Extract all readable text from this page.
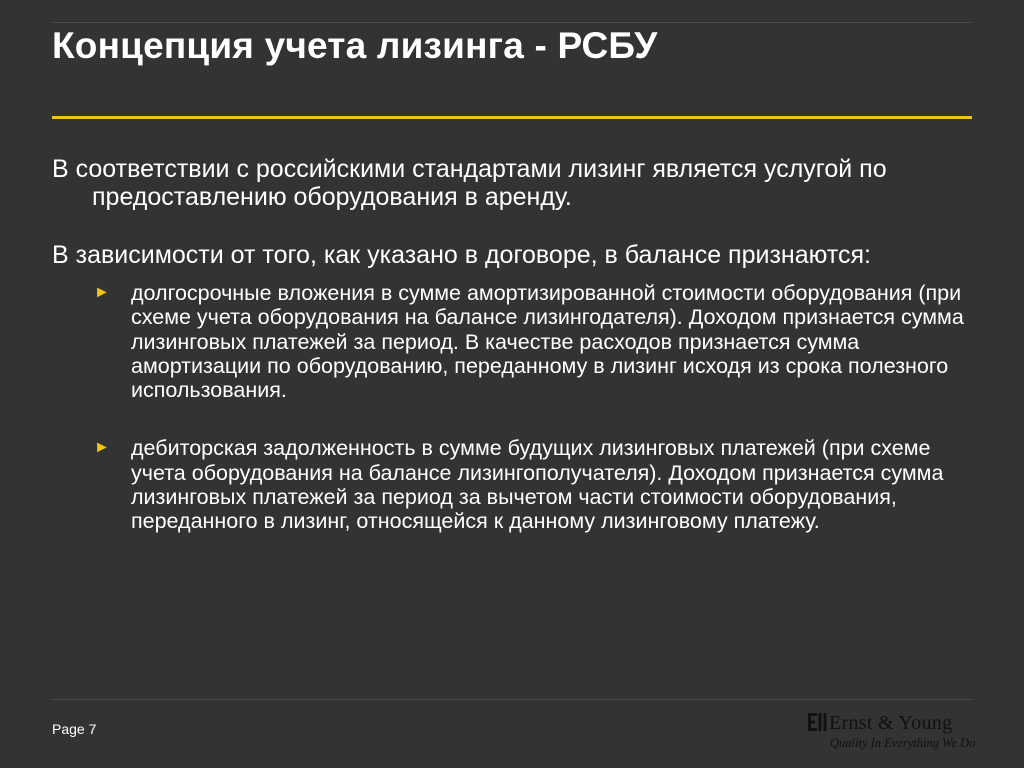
Концепция учета лизинга - РСБУ

В соответствии с российскими стандартами лизинг является услугой по предоставлению оборудования в аренду.

В зависимости от того, как указано в договоре, в балансе признаются:

► долгосрочные вложения в сумме амортизированной стоимости оборудования (при схеме учета оборудования на балансе лизингодателя). Доходом признается сумма лизинговых платежей за период. В качестве расходов признается сумма амортизации по оборудованию, переданному в лизинг исходя из срока полезного использования.
► дебиторская задолженность в сумме будущих лизинговых платежей (при схеме учета оборудования на балансе лизингополучателя). Доходом признается сумма лизинговых платежей за период за вычетом части стоимости оборудования, переданного в лизинг, относящейся к данному лизинговому платежу.
Page 7	Ernst & Young
Quality In Everything We Do
